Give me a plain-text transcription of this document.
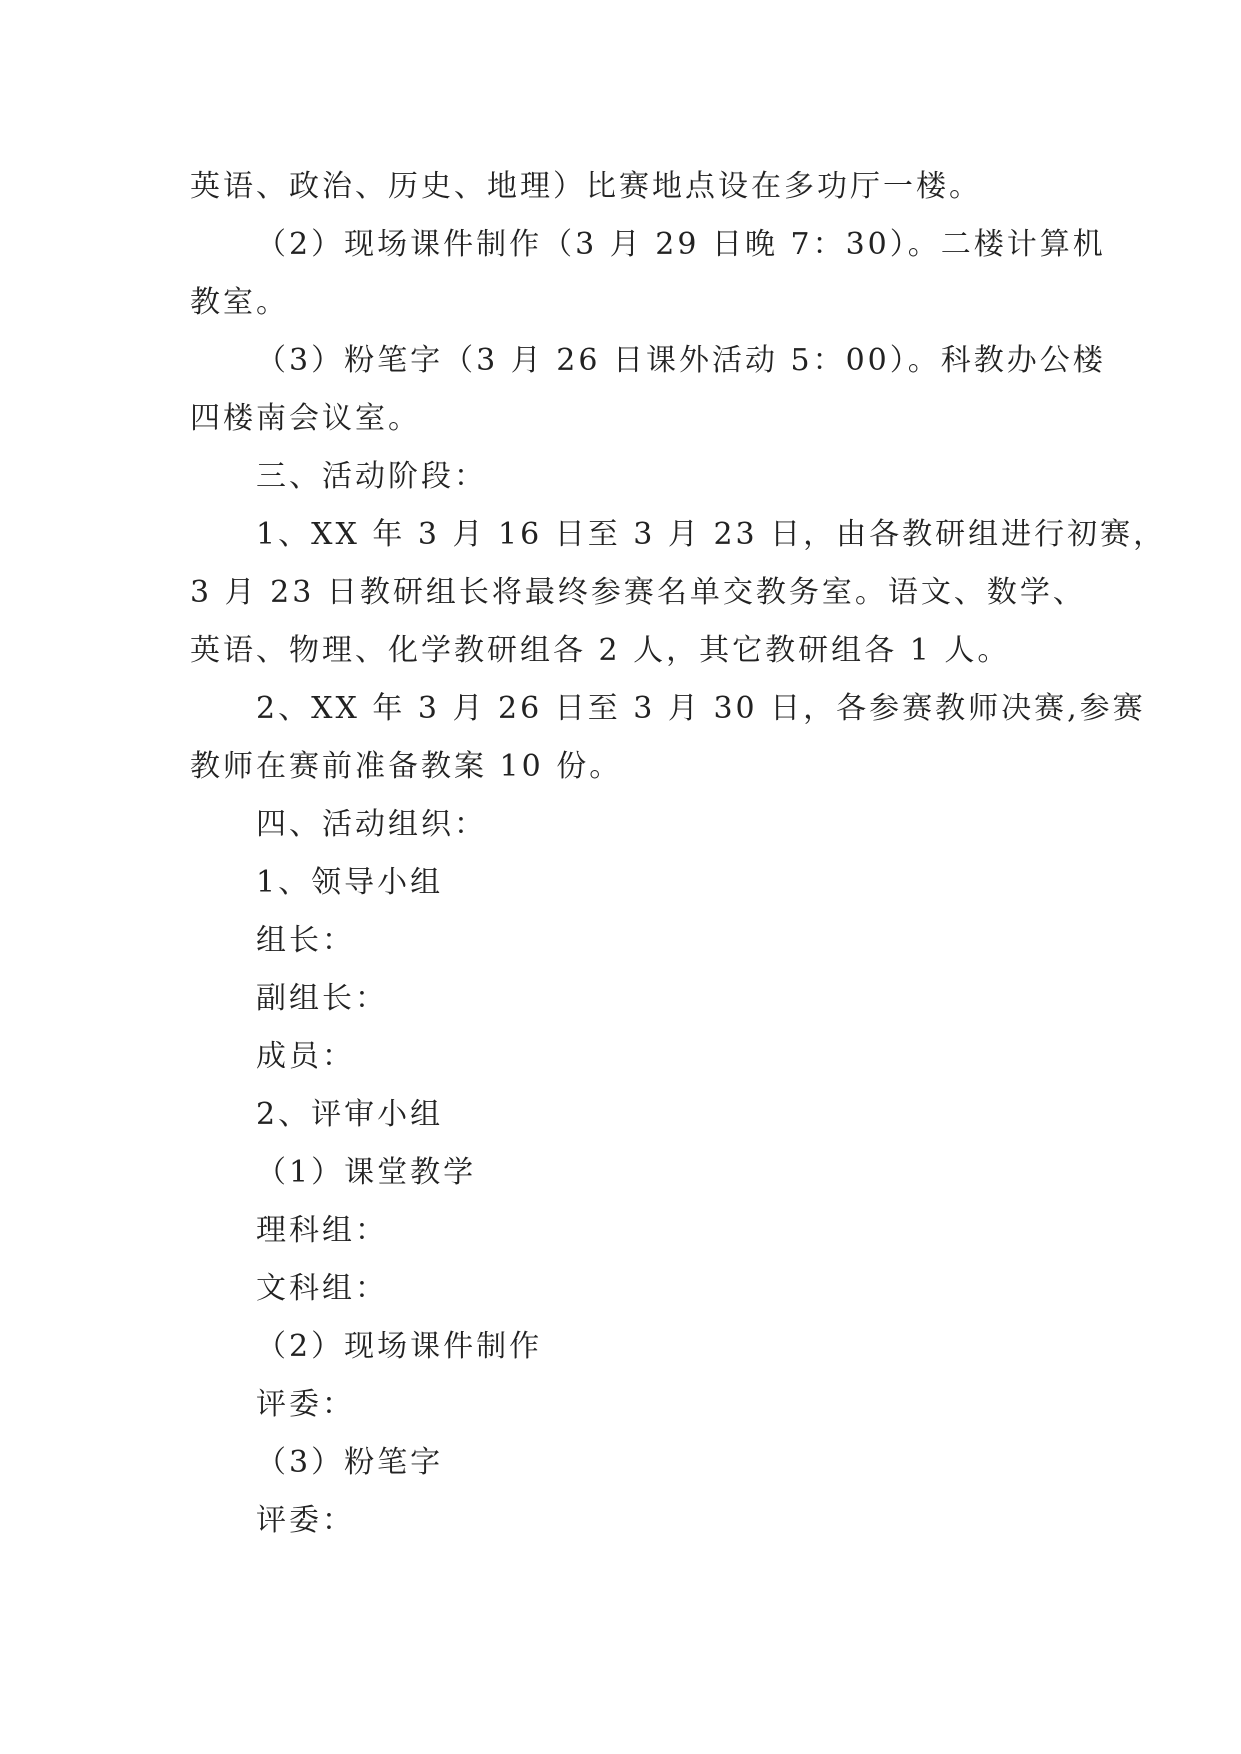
英语、政治、历史、地理）比赛地点设在多功厅一楼。
（2）现场课件制作（3 月 29 日晚 7：30）。二楼计算机
教室。
（3）粉笔字（3 月 26 日课外活动 5：00）。科教办公楼
四楼南会议室。
三、活动阶段：
1、XX 年 3 月 16 日至 3 月 23 日，由各教研组进行初赛，
3 月 23 日教研组长将最终参赛名单交教务室。语文、数学、
英语、物理、化学教研组各 2 人，其它教研组各 1 人。
2、XX 年 3 月 26 日至 3 月 30 日，各参赛教师决赛,参赛
教师在赛前准备教案 10 份。
四、活动组织：
1、领导小组
组长：
副组长：
成员：
2、评审小组
（1）课堂教学
理科组：
文科组：
（2）现场课件制作
评委：
（3）粉笔字
评委：
